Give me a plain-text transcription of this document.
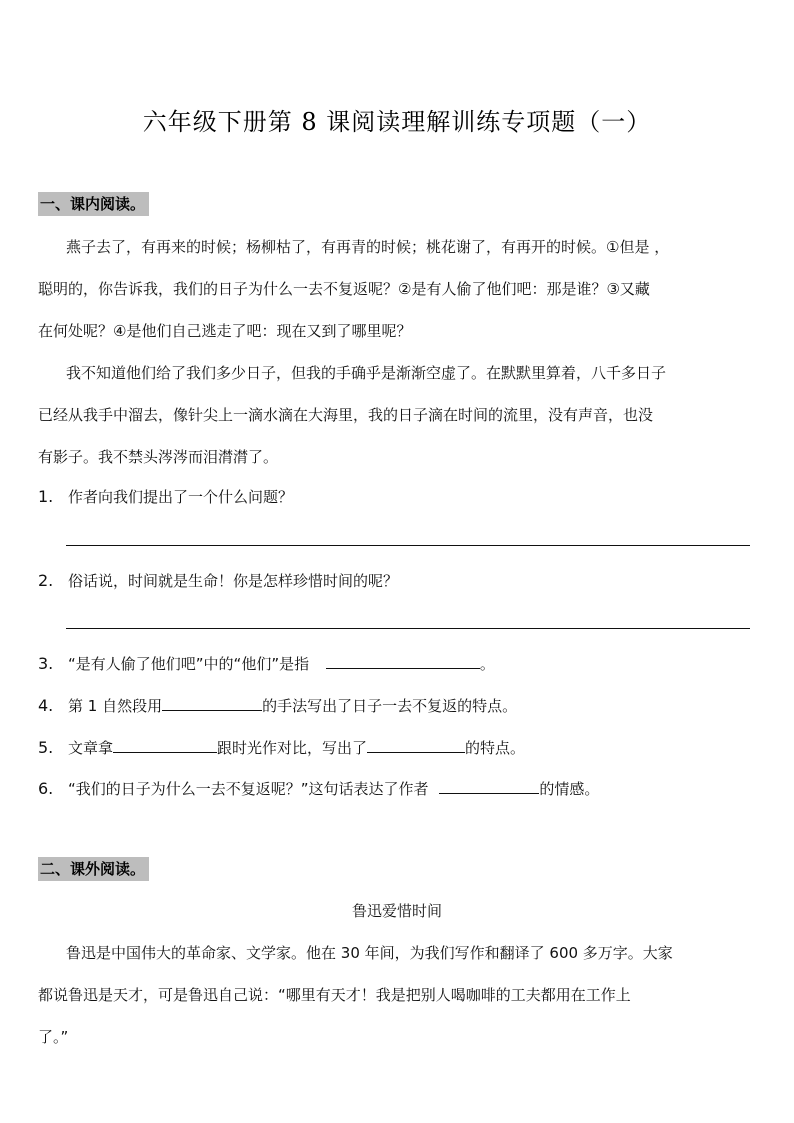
六年级下册第 8 课阅读理解训练专项题（一）
一、课内阅读。
燕子去了，有再来的时候；杨柳枯了，有再青的时候；桃花谢了，有再开的时候。①但是 ，
聪明的，你告诉我，我们的日子为什么一去不复返呢？②是有人偷了他们吧：那是谁？③又藏
在何处呢？④是他们自己逃走了吧：现在又到了哪里呢？
我不知道他们给了我们多少日子，但我的手确乎是渐渐空虚了。在默默里算着，八千多日子
已经从我手中溜去，像针尖上一滴水滴在大海里，我的日子滴在时间的流里，没有声音，也没
有影子。我不禁头涔涔而泪潸潸了。
1. 作者向我们提出了一个什么问题？
2. 俗话说，时间就是生命！你是怎样珍惜时间的呢？
3. “是有人偷了他们吧”中的“他们”是指	。
4. 第 1 自然段用	的手法写出了日子一去不复返的特点。
5. 文章拿	跟时光作对比，写出了	的特点。
6. “我们的日子为什么一去不复返呢？”这句话表达了作者	的情感。
二、课外阅读。
鲁迅爱惜时间
鲁迅是中国伟大的革命家、文学家。他在 30 年间，为我们写作和翻译了 600 多万字。大家
都说鲁迅是天才，可是鲁迅自己说：“哪里有天才！我是把别人喝咖啡的工夫都用在工作上
了。”
